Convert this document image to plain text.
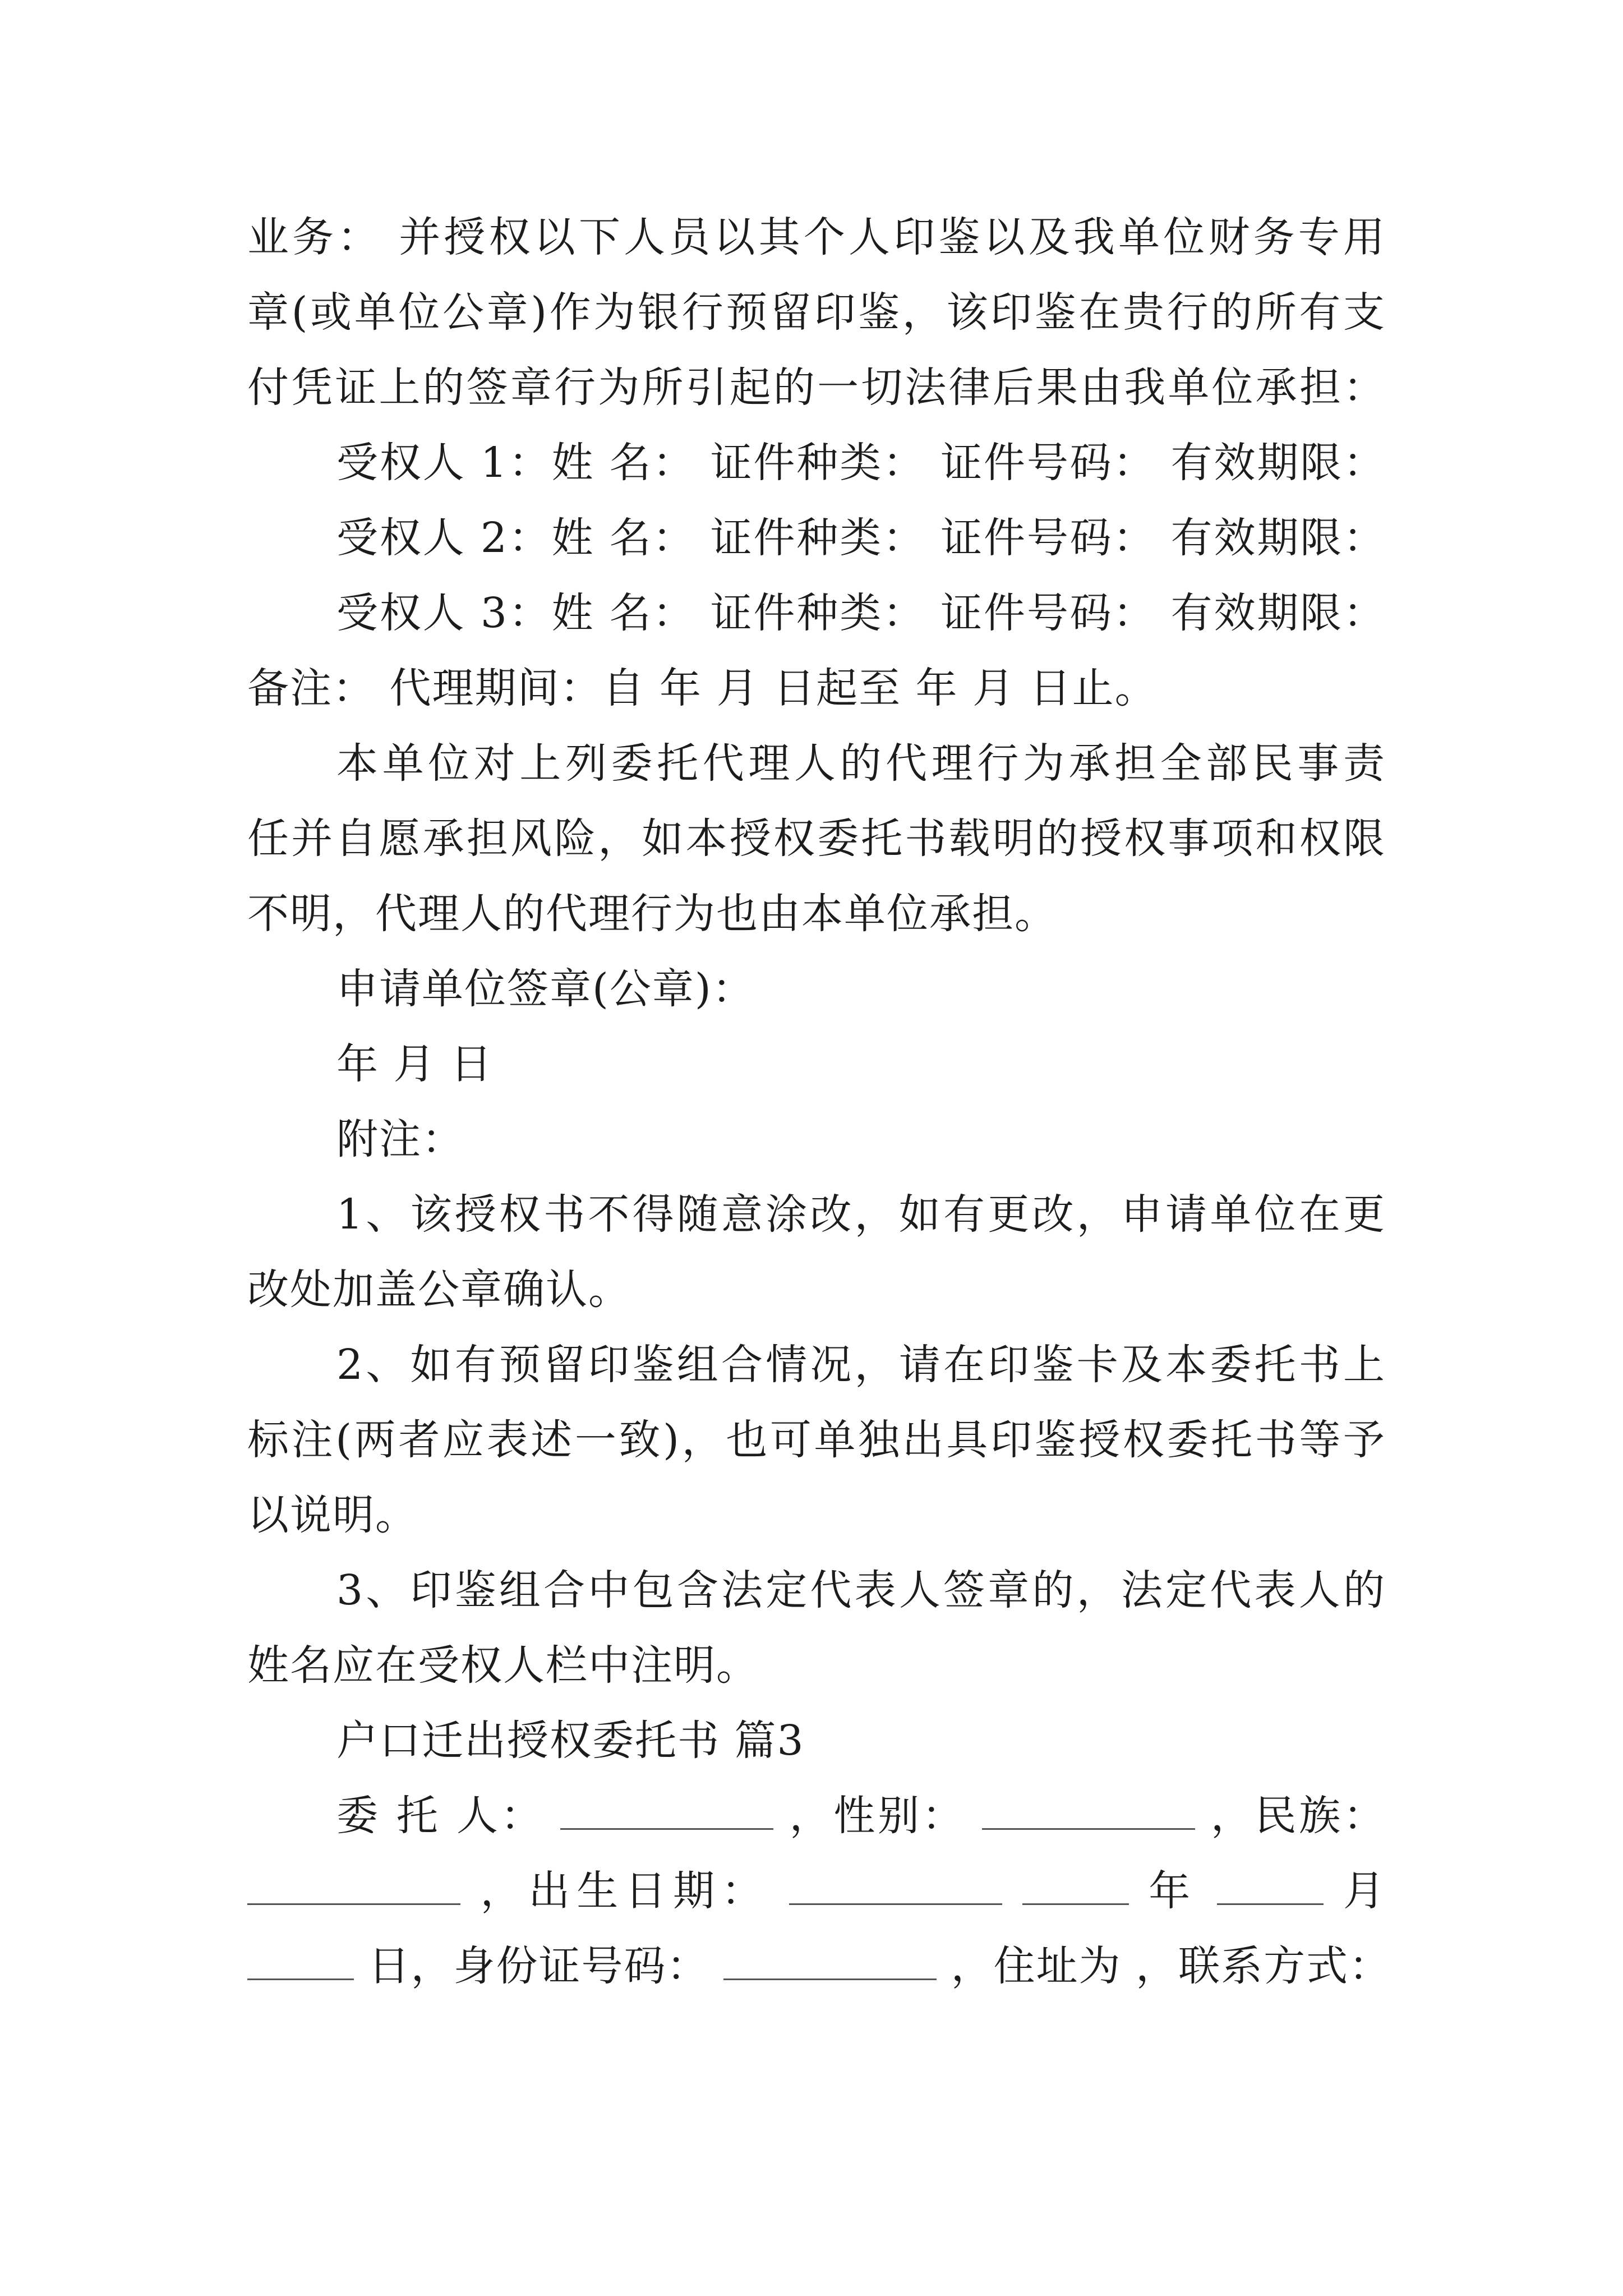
业务： 并授权以下人员以其个人印鉴以及我单位财务专用
章(或单位公章)作为银行预留印鉴，该印鉴在贵行的所有支
付凭证上的签章行为所引起的一切法律后果由我单位承担：
受权人 1：姓 名： 证件种类： 证件号码： 有效期限：
受权人 2：姓 名： 证件种类： 证件号码： 有效期限：
受权人 3：姓 名： 证件种类： 证件号码： 有效期限：
备注： 代理期间：自 年 月 日起至 年 月 日止。
本单位对上列委托代理人的代理行为承担全部民事责
任并自愿承担风险，如本授权委托书载明的授权事项和权限
不明，代理人的代理行为也由本单位承担。
申请单位签章(公章)：
年 月 日
附注：
1、该授权书不得随意涂改，如有更改，申请单位在更
改处加盖公章确认。
2、如有预留印鉴组合情况，请在印鉴卡及本委托书上
标注(两者应表述一致)，也可单独出具印鉴授权委托书等予
以说明。
3、印鉴组合中包含法定代表人签章的，法定代表人的
姓名应在受权人栏中注明。
户口迁出授权委托书 篇3
委 托 人：	，性别：	，民族：
，出生日期：	年	月
日，身份证号码：	，住址为 ，联系方式：
